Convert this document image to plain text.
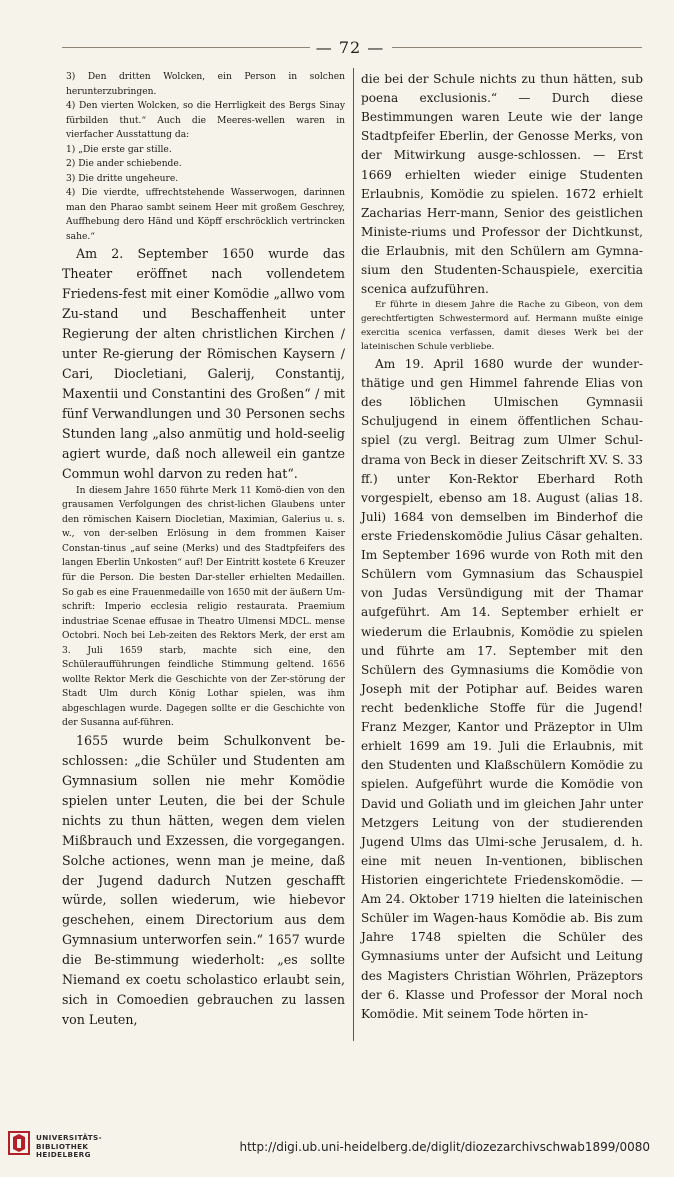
— 72 —

3) Den dritten Wolcken, ein Person in solchen herunterzubringen.

4) Den vierten Wolcken, so die Herrligkeit des Bergs Sinay fürbilden thut.“ Auch die Meeres-wellen waren in vierfacher Ausstattung da:

1) „Die erste gar stille.

2) Die ander schiebende.

3) Die dritte ungeheure.

4) Die vierdte, uffrechtstehende Wasserwogen, darinnen man den Pharao sambt seinem Heer mit großem Geschrey, Auffhebung dero Händ und Köpff erschröcklich vertrincken sahe.“

Am 2. September 1650 wurde das Theater eröffnet nach vollendetem Friedens-fest mit einer Komödie „allwo vom Zu-stand und Beschaffenheit unter Regierung der alten christlichen Kirchen / unter Re-gierung der Römischen Kaysern / Cari, Diocletiani, Galerij, Constantij, Maxentii und Constantini des Großen“ / mit fünf Verwandlungen und 30 Personen sechs Stunden lang „also anmütig und hold-seelig agiert wurde, daß noch alleweil ein gantze Commun wohl darvon zu reden hat“.

In diesem Jahre 1650 führte Merk 11 Komö-dien von den grausamen Verfolgungen des christ-lichen Glaubens unter den römischen Kaisern Diocletian, Maximian, Galerius u. s. w., von der-selben Erlösung in dem frommen Kaiser Constan-tinus „auf seine (Merks) und des Stadtpfeifers des langen Eberlin Unkosten“ auf! Der Eintritt kostete 6 Kreuzer für die Person. Die besten Dar-steller erhielten Medaillen. So gab es eine Frauenmedaille von 1650 mit der äußern Um-schrift: Imperio ecclesia religio restaurata. Praemium industriae Scenae effusae in Theatro Ulmensi MDCL. mense Octobri. Noch bei Leb-zeiten des Rektors Merk, der erst am 3. Juli 1659 starb, machte sich eine, den Schüleraufführungen feindliche Stimmung geltend. 1656 wollte Rektor Merk die Geschichte von der Zer-störung der Stadt Ulm durch König Lothar spielen, was ihm abgeschlagen wurde. Dagegen sollte er die Geschichte von der Susanna auf-führen.

1655 wurde beim Schulkonvent be-schlossen: „die Schüler und Studenten am Gymnasium sollen nie mehr Komödie spielen unter Leuten, die bei der Schule nichts zu thun hätten, wegen dem vielen Mißbrauch und Exzessen, die vorgegangen. Solche actiones, wenn man je meine, daß der Jugend dadurch Nutzen geschafft würde, sollen wiederum, wie hiebevor geschehen, einem Directorium aus dem Gymnasium unterworfen sein.“ 1657 wurde die Be-stimmung wiederholt: „es sollte Niemand ex coetu scholastico erlaubt sein, sich in Comoedien gebrauchen zu lassen von Leuten,

die bei der Schule nichts zu thun hätten, sub poena exclusionis.“ — Durch diese Bestimmungen waren Leute wie der lange Stadtpfeifer Eberlin, der Genosse Merks, von der Mitwirkung ausge-schlossen. — Erst 1669 erhielten wieder einige Studenten Erlaubnis, Komödie zu spielen. 1672 erhielt Zacharias Herr-mann, Senior des geistlichen Ministe-riums und Professor der Dichtkunst, die Erlaubnis, mit den Schülern am Gymna-sium den Studenten-Schauspiele, exercitia scenica aufzuführen.

Er führte in diesem Jahre die Rache zu Gibeon, von dem gerechtfertigten Schwestermord auf. Hermann mußte einige exercitia scenica verfassen, damit dieses Werk bei der lateinischen Schule verbliebe.

Am 19. April 1680 wurde der wunder-thätige und gen Himmel fahrende Elias von des löblichen Ulmischen Gymnasii Schuljugend in einem öffentlichen Schau-spiel (zu vergl. Beitrag zum Ulmer Schul-drama von Beck in dieser Zeitschrift XV. S. 33 ff.) unter Kon-Rektor Eberhard Roth vorgespielt, ebenso am 18. August (alias 18. Juli) 1684 von demselben im Binderhof die erste Friedenskomödie Julius Cäsar gehalten. Im September 1696 wurde von Roth mit den Schülern vom Gymnasium das Schauspiel von Judas Versündigung mit der Thamar aufgeführt. Am 14. September erhielt er wiederum die Erlaubnis, Komödie zu spielen und führte am 17. September mit den Schülern des Gymnasiums die Komödie von Joseph mit der Potiphar auf. Beides waren recht bedenkliche Stoffe für die Jugend! Franz Mezger, Kantor und Präzeptor in Ulm erhielt 1699 am 19. Juli die Erlaubnis, mit den Studenten und Klaßschülern Komödie zu spielen. Aufgeführt wurde die Komödie von David und Goliath und im gleichen Jahr unter Metzgers Leitung von der studierenden Jugend Ulms das Ulmi-sche Jerusalem, d. h. eine mit neuen In-ventionen, biblischen Historien eingerichtete Friedenskomödie. — Am 24. Oktober 1719 hielten die lateinischen Schüler im Wagen-haus Komödie ab. Bis zum Jahre 1748 spielten die Schüler des Gymnasiums unter der Aufsicht und Leitung des Magisters Christian Wöhrlen, Präzeptors der 6. Klasse und Professor der Moral noch Komödie. Mit seinem Tode hörten in-

UNIVERSITÄTS-
BIBLIOTHEK
HEIDELBERG
http://digi.ub.uni-heidelberg.de/diglit/diozezarchivschwab1899/0080
